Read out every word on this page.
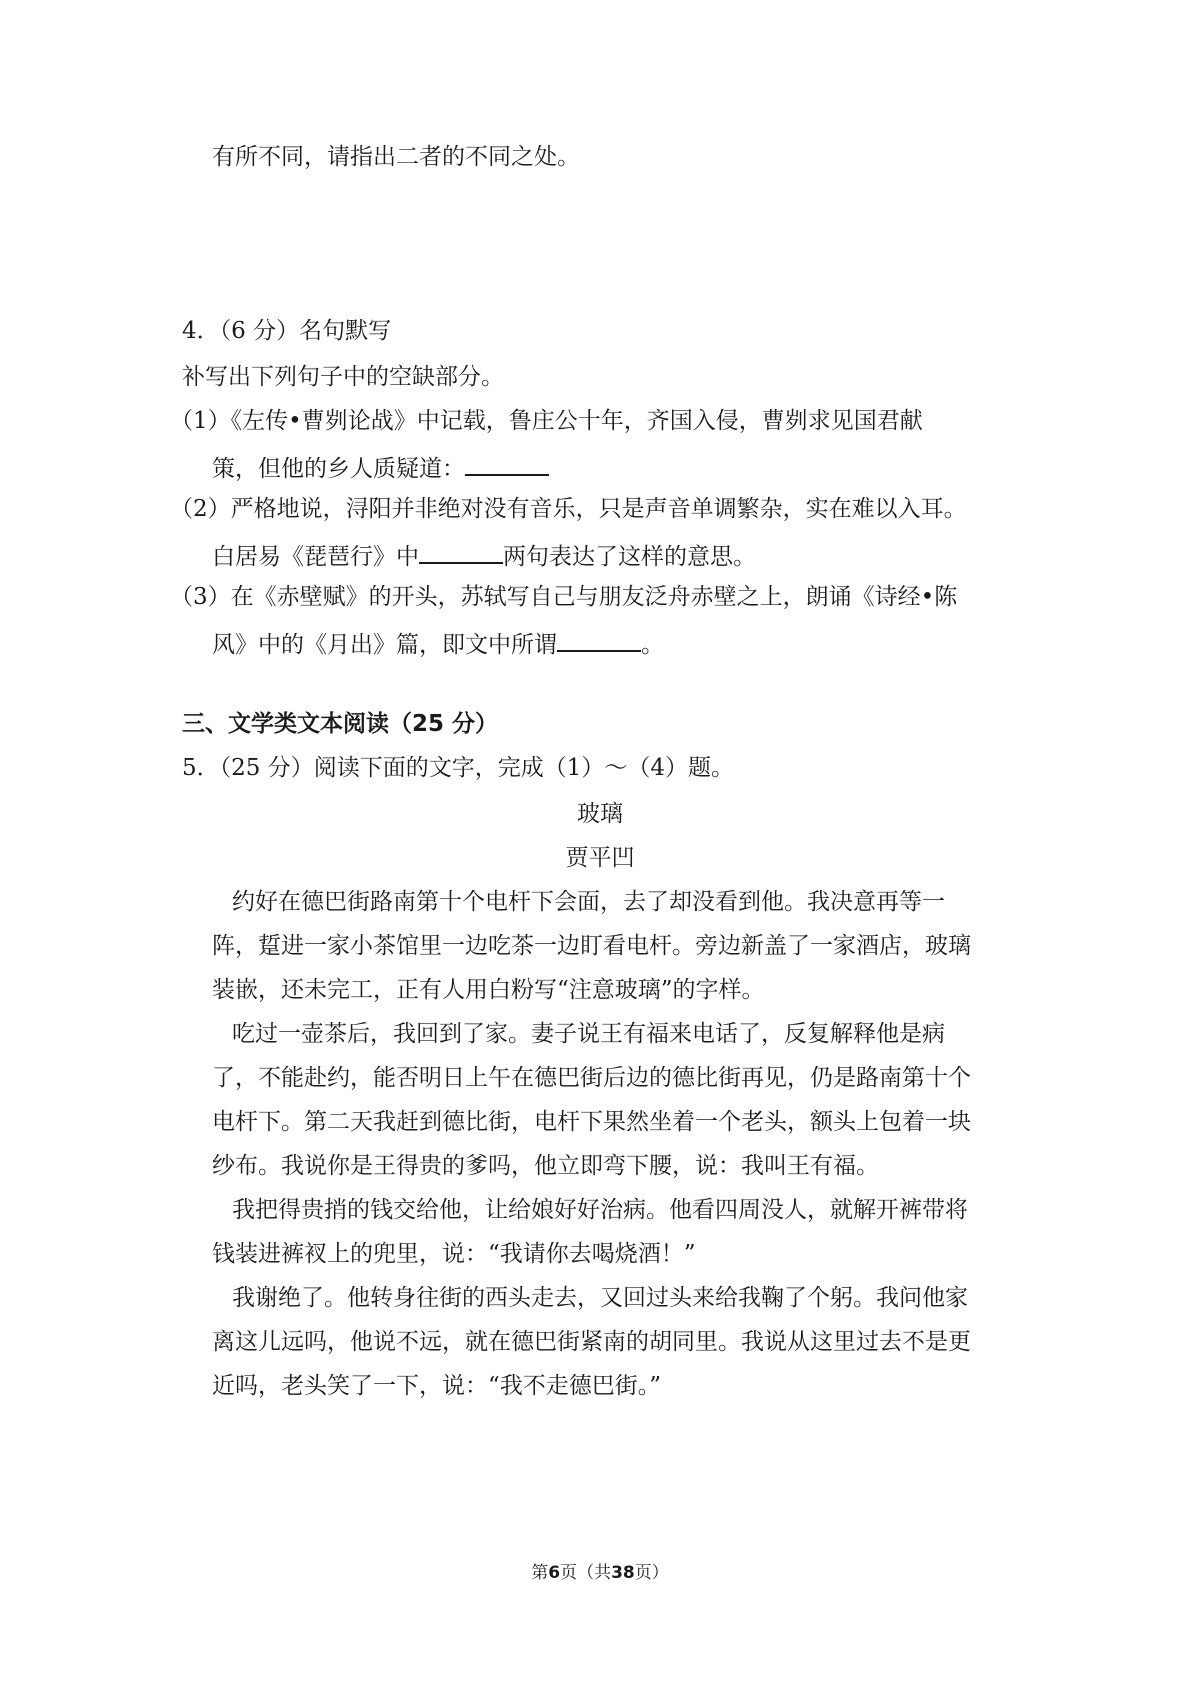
有所不同，请指出二者的不同之处。
4．（6 分）名句默写
补写出下列句子中的空缺部分。
（1）《左传•曹刿论战》中记载，鲁庄公十年，齐国入侵，曹刿求见国君献
策，但他的乡人质疑道：
（2）严格地说，浔阳并非绝对没有音乐，只是声音单调繁杂，实在难以入耳。
白居易《琵琶行》中	两句表达了这样的意思。
（3）在《赤壁赋》的开头，苏轼写自己与朋友泛舟赤壁之上，朗诵《诗经•陈
风》中的《月出》篇，即文中所谓	。
三、文学类文本阅读（25 分）
5．（25 分）阅读下面的文字，完成（1）～（4）题。
玻璃
贾平凹
约好在德巴街路南第十个电杆下会面，去了却没看到他。我决意再等一
阵，踅进一家小茶馆里一边吃茶一边盯看电杆。旁边新盖了一家酒店，玻璃
装嵌，还未完工，正有人用白粉写“注意玻璃”的字样。
吃过一壶茶后，我回到了家。妻子说王有福来电话了，反复解释他是病
了，不能赴约，能否明日上午在德巴街后边的德比街再见，仍是路南第十个
电杆下。第二天我赶到德比街，电杆下果然坐着一个老头，额头上包着一块
纱布。我说你是王得贵的爹吗，他立即弯下腰，说：我叫王有福。
我把得贵捎的钱交给他，让给娘好好治病。他看四周没人，就解开裤带将
钱装进裤衩上的兜里，说：“我请你去喝烧酒！”
我谢绝了。他转身往街的西头走去，又回过头来给我鞠了个躬。我问他家
离这儿远吗，他说不远，就在德巴街紧南的胡同里。我说从这里过去不是更
近吗，老头笑了一下，说：“我不走德巴街。”
第6页（共38页）
